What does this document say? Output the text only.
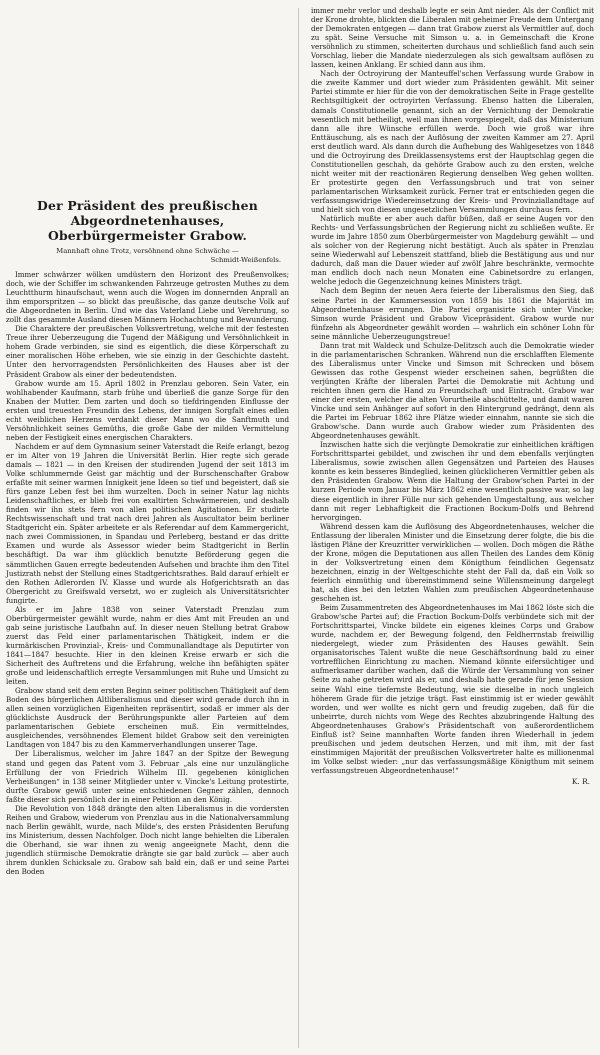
Der Präsident des preußischen Abgeordnetenhauses, Oberbürgermeister Grabow.
Mannhaft ohne Trotz, versöhnend ohne Schwäche —
Schmidt-Weißenfels.

Immer schwärzer wölken umdüstern den Horizont des Preußenvolkes; doch, wie der Schiffer im schwankenden Fahrzeuge getrosten Muthes zu dem Leuchtthurm hinaufschaut, wenn auch die Wogen im donnernden Anprall an ihm emporspritzen — so blickt das preußische, das ganze deutsche Volk auf die Abgeordneten in Berlin. Und wie das Vaterland Liebe und Verehrung, so zollt das gesammte Ausland diesen Männern Hochachtung und Bewunderung.

Die Charaktere der preußischen Volksvertretung, welche mit der festesten Treue ihrer Ueberzeugung die Tugend der Mäßigung und Versöhnlichkeit in hohem Grade verbinden, sie sind es eigentlich, die diese Körperschaft zu einer moralischen Höhe erheben, wie sie einzig in der Geschichte dasteht. Unter den hervorragendsten Persönlichkeiten des Hauses aber ist der Präsident Grabow als einer der bedeutendsten.

Grabow wurde am 15. April 1802 in Prenzlau geboren. Sein Vater, ein wohlhabender Kaufmann, starb frühe und überließ die ganze Sorge für den Knaben der Mutter. Dem zarten und doch so tiefdringenden Einflusse der ersten und treuesten Freundin des Lebens, der innigen Sorgfalt eines edlen echt weiblichen Herzens verdankt dieser Mann wo die Sanftmuth und Versöhnlichkeit seines Gemüths, die große Gabe der milden Vermittelung neben der Festigkeit eines energischen Charakters.

Nachdem er auf dem Gymnasium seiner Vaterstadt die Reife erlangt, bezog er im Alter von 19 Jahren die Universität Berlin. Hier regte sich gerade damals — 1821 — in den Kreisen der studirenden Jugend der seit 1813 im Volke schlummernde Geist gar mächtig und der Burschenschafter Grabow erfaßte mit seiner warmen Innigkeit jene Ideen so tief und begeistert, daß sie fürs ganze Leben fest bei ihm wurzelten. Doch in seiner Natur lag nichts Leidenschaftliches, er blieb frei von exaltirten Schwärmereien, und deshalb finden wir ihn stets fern von allen politischen Agitationen. Er studirte Rechtswissenschaft und trat nach drei Jahren als Auscultator beim berliner Stadtgericht ein. Später arbeitete er als Referendar auf dem Kammergericht, nach zwei Commissionen, in Spandau und Perleberg, bestand er das dritte Examen und wurde als Assessor wieder beim Stadtgericht in Berlin beschäftigt. Da war ihm glücklich benutzte Beförderung gegen die sämmtlichen Gauen erregte bedeutenden Aufsehen und brachte ihm den Titel Justizrath nebst der Stellung eines Stadtgerichtsrathes. Bald darauf erhielt er den Rothen Adlerorden IV. Klasse und wurde als Hofgerichtsrath an das Obergericht zu Greifswald versetzt, wo er zugleich als Universitätsrichter fungirte.

Als er im Jahre 1838 von seiner Vaterstadt Prenzlau zum Oberbürgermeister gewählt wurde, nahm er dies Amt mit Freuden an und gab seine juristische Laufbahn auf. In dieser neuen Stellung betrat Grabow zuerst das Feld einer parlamentarischen Thätigkeit, indem er die kurmärkischen Provinzial-, Kreis- und Communallandtage als Deputirter von 1841—1847 besuchte. Hier in den kleinen Kreise erwarb er sich die Sicherheit des Auftretens und die Erfahrung, welche ihn befähigten später große und leidenschaftlich erregte Versammlungen mit Ruhe und Umsicht zu leiten.

Grabow stand seit dem ersten Beginn seiner politischen Thätigkeit auf dem Boden des bürgerlichen Altliberalismus und dieser wird gerade durch ihn in allen seinen vorzüglichen Eigenheiten repräsentirt, sodaß er immer als der glücklichste Ausdruck der Berührungspunkte aller Parteien auf dem parlamentarischen Gebiete erscheinen muß. Ein vermittelndes, ausgleichendes, versöhnendes Element bildet Grabow seit den vereinigten Landtagen von 1847 bis zu den Kammerverhandlungen unserer Tage.

Der Liberalismus, welcher im Jahre 1847 an der Spitze der Bewegung stand und gegen das Patent vom 3. Februar „als eine nur unzulängliche Erfüllung der von Friedrich Wilhelm III. gegebenen königlichen Verheißungen“ in 138 seiner Mitglieder unter v. Vincke's Leitung protestirte, durfte Grabow gewiß unter seine entschiedenen Gegner zählen, dennoch faßte dieser sich persönlich der in einer Petition an den König.

Die Revolution von 1848 drängte den alten Liberalismus in die vordersten Reihen und Grabow, wiederum von Prenzlau aus in die Nationalversammlung nach Berlin gewählt, wurde, nach Milde's, des ersten Präsidenten Berufung ins Ministerium, dessen Nachfolger. Doch nicht lange behielten die Liberalen die Oberhand, sie war ihnen zu wenig angeeignete Macht, denn die jugendlich stürmische Demokratie drängte sie gar bald zurück — aber auch ihrem dunklen Schicksale zu. Grabow sah bald ein, daß er und seine Partei den Boden

immer mehr verlor und deshalb legte er sein Amt nieder. Als der Conflict mit der Krone drohte, blickten die Liberalen mit geheimer Freude dem Untergang der Demokraten entgegen — dann trat Grabow zuerst als Vermittler auf, doch zu spät. Seine Versuche mit Simson u. a. in Gemeinschaft die Krone versöhnlich zu stimmen, scheiterten durchaus und schließlich fand auch sein Vorschlag, lieber die Mandate niederzulegen als sich gewaltsam auflösen zu lassen, keinen Anklang. Er schied dann aus ihm.

Nach der Octroyirung der Manteuffel'schen Verfassung wurde Grabow in die zweite Kammer und dort wieder zum Präsidenten gewählt. Mit seiner Partei stimmte er hier für die von der demokratischen Seite in Frage gestellte Rechtsgiltigkeit der octroyirten Verfassung. Ebenso hatten die Liberalen, damals Constitutionelle genannt, sich an der Vernichtung der Demokratie wesentlich mit betheiligt, weil man ihnen vorgespiegelt, daß das Ministerium dann alle ihre Wünsche erfüllen werde. Doch wie groß war ihre Enttäuschung, als es nach der Auflösung der zweiten Kammer am 27. April erst deutlich ward. Als dann durch die Aufhebung des Wahlgesetzes von 1848 und die Octroyirung des Dreiklassensystems erst der Hauptschlag gegen die Constitutionellen geschah, da gehörte Grabow auch zu den ersten, welche nicht weiter mit der reactionären Regierung denselben Weg gehen wollten. Er protestirte gegen den Verfassungsbruch und trat von seiner parlamentarischen Wirksamkeit zurück. Ferner trat er entschieden gegen die verfassungswidrige Wiedereinsetzung der Kreis- und Provinziallandtage auf und hielt sich von diesen ungesetzlichen Versammlungen durchaus fern.

Natürlich mußte er aber auch dafür büßen, daß er seine Augen vor den Rechts- und Verfassungsbrüchen der Regierung nicht zu schließen wußte. Er wurde im Jahre 1850 zum Oberbürgermeister von Magdeburg gewählt — und als solcher von der Regierung nicht bestätigt. Auch als später in Prenzlau seine Wiederwahl auf Lebenszeit stattfand, blieb die Bestätigung aus und nur dadurch, daß man die Dauer wieder auf zwölf Jahre beschränkte, vermochte man endlich doch nach neun Monaten eine Cabinetsordre zu erlangen, welche jedoch die Gegenzeichnung keines Ministers trägt.

Nach dem Beginn der neuen Aera feierte der Liberalismus den Sieg, daß seine Partei in der Kammersession von 1859 bis 1861 die Majorität im Abgeordnetenhause errungen. Die Partei organisirte sich unter Vincke; Simson wurde Präsident und Grabow Vicepräsident. Grabow wurde nur fünfzehn als Abgeordneter gewählt worden — wahrlich ein schöner Lohn für seine männliche Ueberzeugungstreue!

Dann trat mit Waldeck und Schulze-Delitzsch auch die Demokratie wieder in die parlamentarischen Schranken. Während nun die erschlafften Elemente des Liberalismus unter Vincke und Simson mit Schrecken und bösem Gewissen das rothe Gespenst wieder erscheinen sahen, begrüßten die verjüngten Kräfte der liberalen Partei die Demokratie mit Achtung und reichten ihnen gern die Hand zu Freundschaft und Eintracht. Grabow war einer der ersten, welcher die alten Vorurtheile abschüttelte, und damit waren Vincke und sein Anhänger auf sofort in den Hintergrund gedrängt, denn als die Partei im Februar 1862 ihre Plätze wieder einnahm, nannte sie sich die Grabow'sche. Dann wurde auch Grabow wieder zum Präsidenten des Abgeordnetenhauses gewählt.

Inzwischen hatte sich die verjüngte Demokratie zur einheitlichen kräftigen Fortschrittspartei gebildet, und zwischen ihr und dem ebenfalls verjüngten Liberalismus, sowie zwischen allen Gegensätzen und Parteien des Hauses konnte es kein besseres Bindeglied, keinen glücklicheren Vermittler geben als den Präsidenten Grabow. Wenn die Haltung der Grabow'schen Partei in der kurzen Periode vom Januar bis März 1862 eine wesentlich passive war, so lag diese eigentlich in ihrer Fülle nur sich gehenden Umgestaltung, aus welcher dann mit reger Lebhaftigkeit die Fractionen Bockum-Dolfs und Behrend hervorgingen.

Während dessen kam die Auflösung des Abgeordnetenhauses, welcher die Entlassung der liberalen Minister und die Einsetzung derer folgte, die bis die lästigen Pläne der Kreuzritter verwirklichen — wollen. Doch mögen die Räthe der Krone, mögen die Deputationen aus allen Theilen des Landes dem König in der Volksvertretung einen dem Königthum feindlichen Gegensatz bezeichnen, einzig in der Weltgeschichte steht der Fall da, daß ein Volk so feierlich einmüthig und übereinstimmend seine Willensmeinung dargelegt hat, als dies bei den letzten Wahlen zum preußischen Abgeordnetenhause geschehen ist.

Beim Zusammentreten des Abgeordnetenhauses im Mai 1862 löste sich die Grabow'sche Partei auf; die Fraction Bockum-Dolfs verbündete sich mit der Fortschrittspartei, Vincke bildete ein eigenes kleines Corps und Grabow wurde, nachdem er, der Bewegung folgend, den Feldherrnstab freiwillig niedergelegt, wieder zum Präsidenten des Hauses gewählt. Sein organisatorisches Talent wußte die neue Geschäftsordnung bald zu einer vortrefflichen Einrichtung zu machen. Niemand könnte eifersüchtiger und aufmerksamer darüber wachen, daß die Würde der Versammlung von seiner Seite zu nahe getreten wird als er, und deshalb hatte gerade für jene Session seine Wahl eine tiefernste Bedeutung, wie sie dieselbe in noch ungleich höherem Grade für die jetzige trägt. Fast einstimmig ist er wieder gewählt worden, und wer wollte es nicht gern und freudig zugeben, daß für die unbeirrte, durch nichts vom Wege des Rechtes abzubringende Haltung des Abgeordnetenhauses Grabow's Präsidentschaft von außerordentlichem Einfluß ist? Seine mannhaften Worte fanden ihren Wiederhall in jedem preußischen und jedem deutschen Herzen, und mit ihm, mit der fast einstimmigen Majorität der preußischen Volksvertreter halte es millionenmal im Volke selbst wieder: „nur das verfassungsmäßige Königthum mit seinem verfassungstreuen Abgeordnetenhause!“

K. R.
